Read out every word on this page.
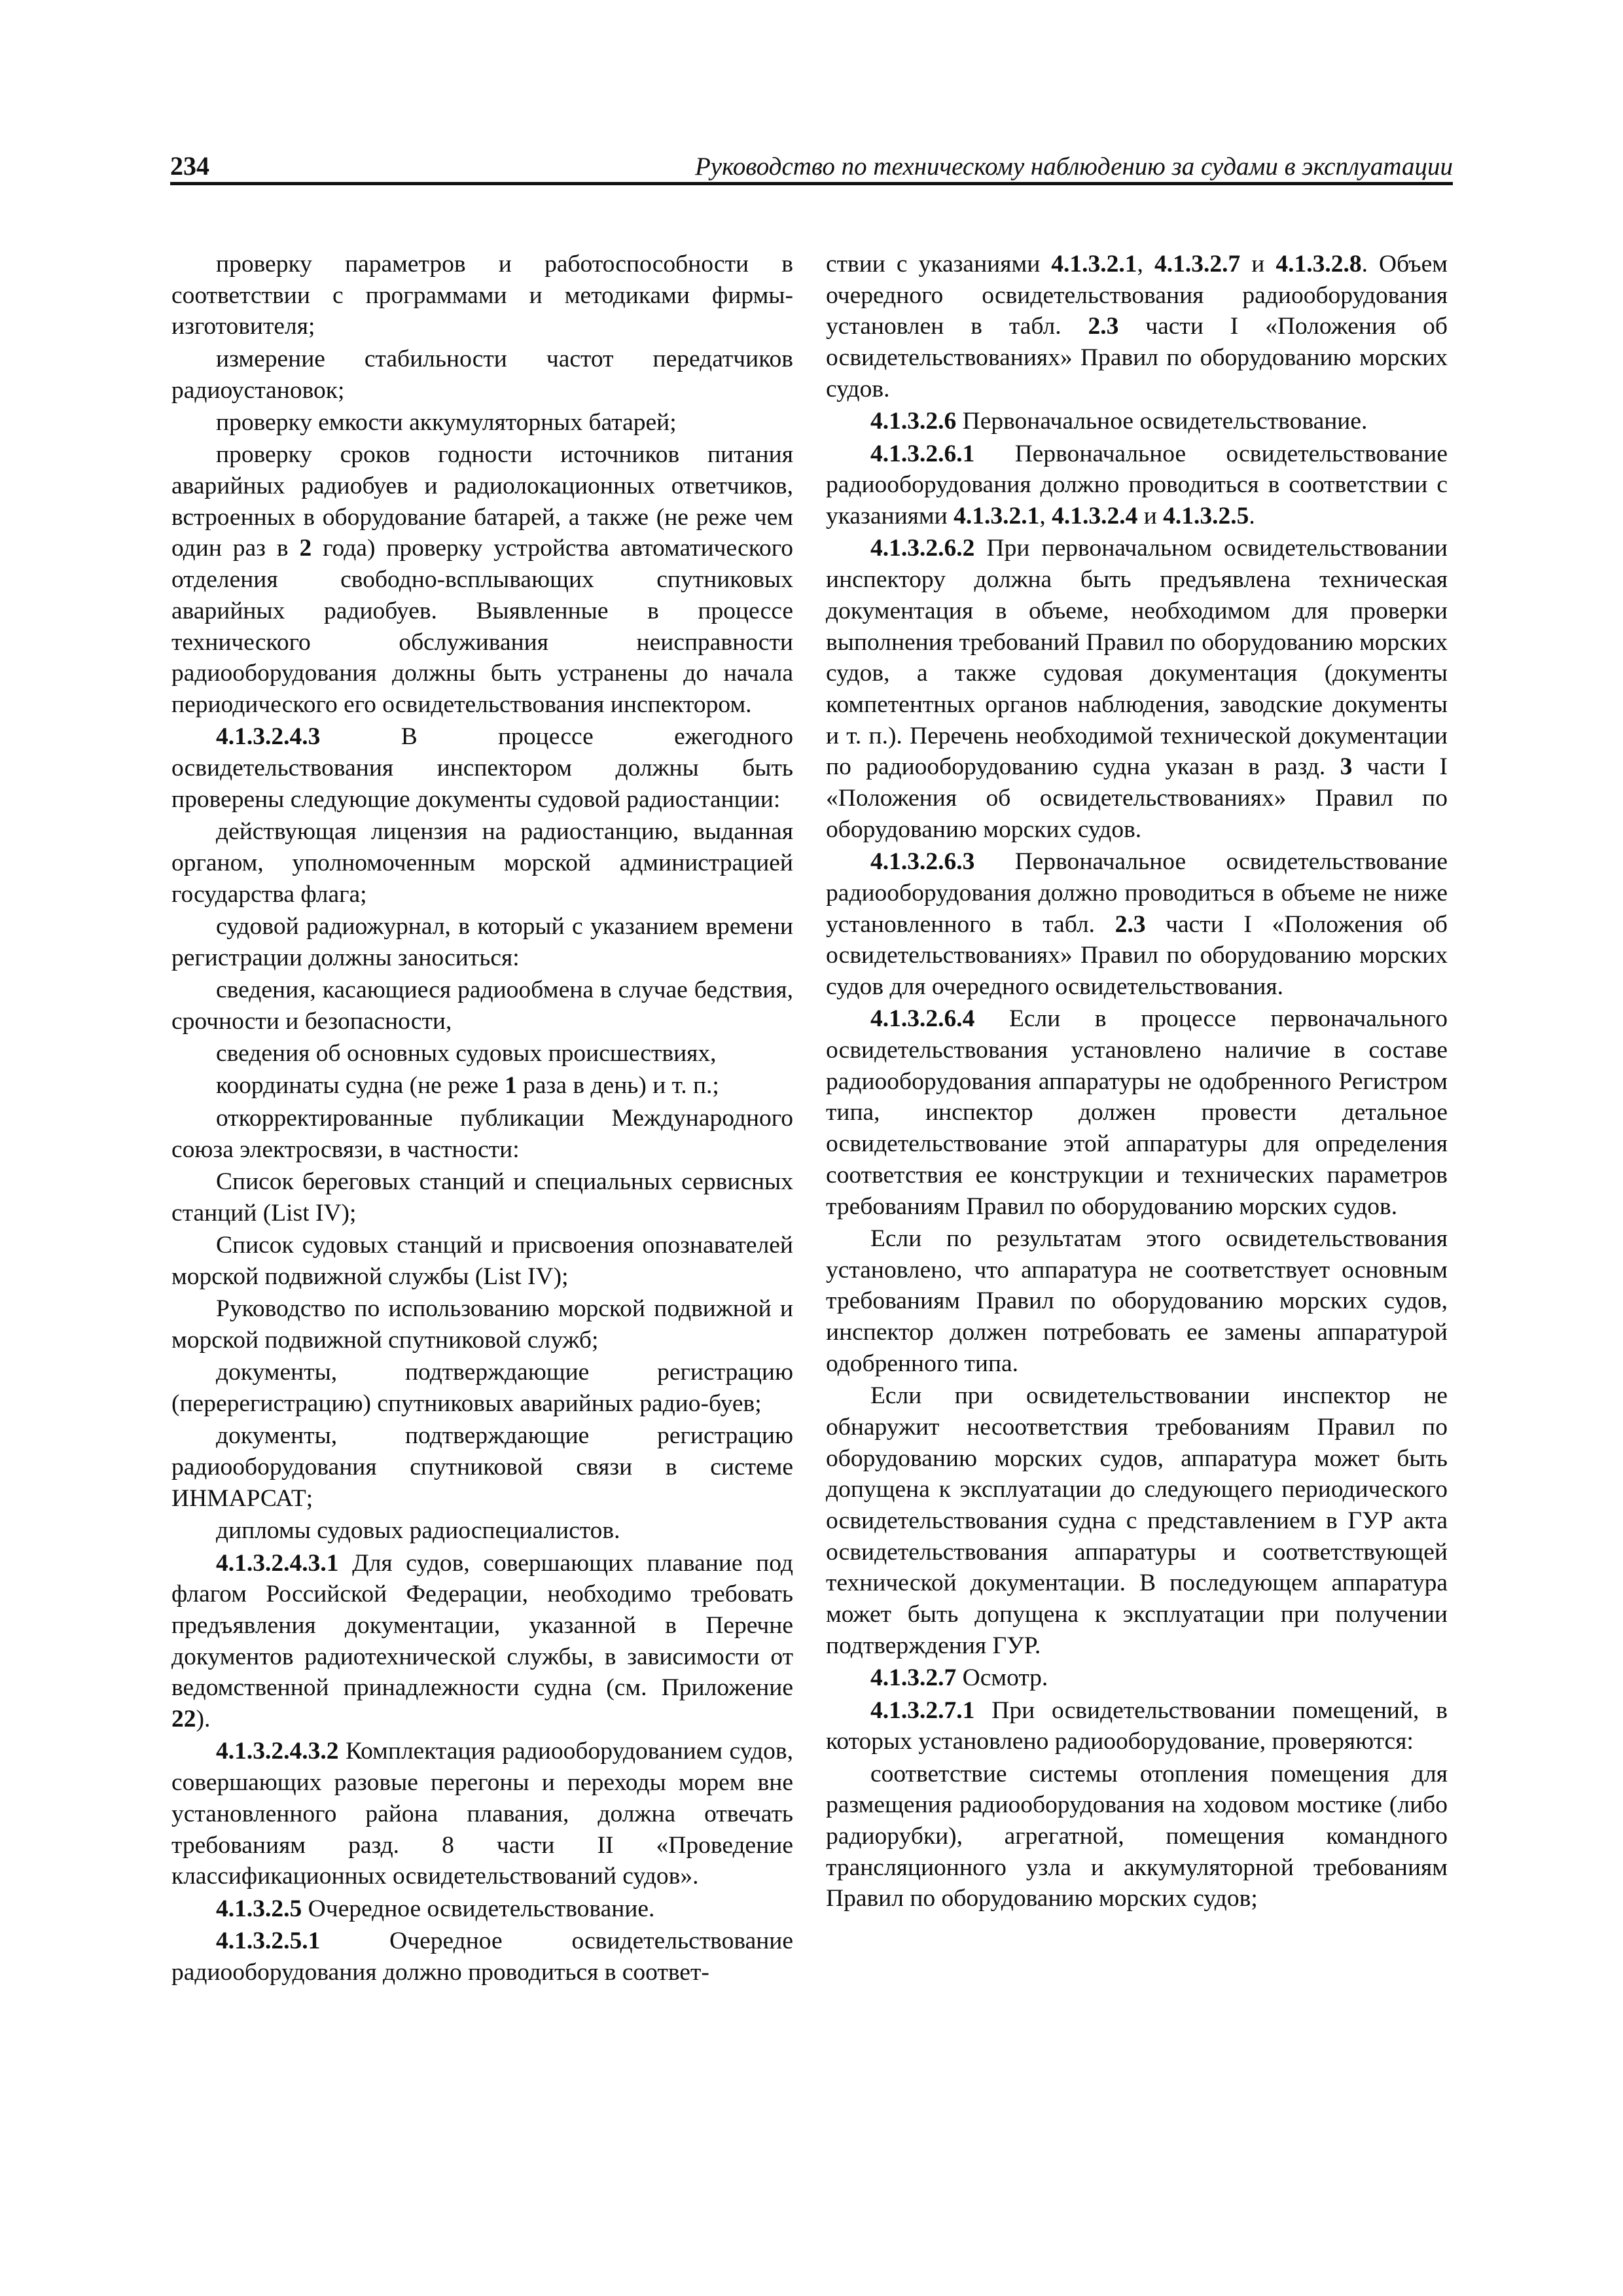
234	Руководство по техническому наблюдению за судами в эксплуатации

проверку параметров и работоспособности в соответствии с программами и методиками фирмы-изготовителя;

измерение стабильности частот передатчиков радиоустановок;

проверку емкости аккумуляторных батарей;

проверку сроков годности источников питания аварийных радиобуев и радиолокационных ответчиков, встроенных в оборудование батарей, а также (не реже чем один раз в 2 года) проверку устройства автоматического отделения свободно-всплывающих спутниковых аварийных радиобуев. Выявленные в процессе технического обслуживания неисправности радиооборудования должны быть устранены до начала периодического его освидетельствования инспектором.

4.1.3.2.4.3 В процессе ежегодного освидетельствования инспектором должны быть проверены следующие документы судовой радиостанции:

действующая лицензия на радиостанцию, выданная органом, уполномоченным морской администрацией государства флага;

судовой радиожурнал, в который с указанием времени регистрации должны заноситься:

сведения, касающиеся радиообмена в случае бедствия, срочности и безопасности,

сведения об основных судовых происшествиях,

координаты судна (не реже 1 раза в день) и т. п.;

откорректированные публикации Международного союза электросвязи, в частности:

Список береговых станций и специальных сервисных станций (List IV);

Список судовых станций и присвоения опознавателей морской подвижной службы (List IV);

Руководство по использованию морской подвижной и морской подвижной спутниковой служб;

документы, подтверждающие регистрацию (перерегистрацию) спутниковых аварийных радио-буев;

документы, подтверждающие регистрацию радиооборудования спутниковой связи в системе ИНМАРСАТ;

дипломы судовых радиоспециалистов.

4.1.3.2.4.3.1 Для судов, совершающих плавание под флагом Российской Федерации, необходимо требовать предъявления документации, указанной в Перечне документов радиотехнической службы, в зависимости от ведомственной принадлежности судна (см. Приложение 22).

4.1.3.2.4.3.2 Комплектация радиооборудованием судов, совершающих разовые перегоны и переходы морем вне установленного района плавания, должна отвечать требованиям разд. 8 части II «Проведение классификационных освидетельствований судов».

4.1.3.2.5 Очередное освидетельствование.

4.1.3.2.5.1 Очередное освидетельствование радиооборудования должно проводиться в соответ-

ствии с указаниями 4.1.3.2.1, 4.1.3.2.7 и 4.1.3.2.8. Объем очередного освидетельствования радиооборудования установлен в табл. 2.3 части I «Положения об освидетельствованиях» Правил по оборудованию морских судов.

4.1.3.2.6 Первоначальное освидетельствование.

4.1.3.2.6.1 Первоначальное освидетельствование радиооборудования должно проводиться в соответствии с указаниями 4.1.3.2.1, 4.1.3.2.4 и 4.1.3.2.5.

4.1.3.2.6.2 При первоначальном освидетельствовании инспектору должна быть предъявлена техническая документация в объеме, необходимом для проверки выполнения требований Правил по оборудованию морских судов, а также судовая документация (документы компетентных органов наблюдения, заводские документы и т. п.). Перечень необходимой технической документации по радиооборудованию судна указан в разд. 3 части I «Положения об освидетельствованиях» Правил по оборудованию морских судов.

4.1.3.2.6.3 Первоначальное освидетельствование радиооборудования должно проводиться в объеме не ниже установленного в табл. 2.3 части I «Положения об освидетельствованиях» Правил по оборудованию морских судов для очередного освидетельствования.

4.1.3.2.6.4 Если в процессе первоначального освидетельствования установлено наличие в составе радиооборудования аппаратуры не одобренного Регистром типа, инспектор должен провести детальное освидетельствование этой аппаратуры для определения соответствия ее конструкции и технических параметров требованиям Правил по оборудованию морских судов.

Если по результатам этого освидетельствования установлено, что аппаратура не соответствует основным требованиям Правил по оборудованию морских судов, инспектор должен потребовать ее замены аппаратурой одобренного типа.

Если при освидетельствовании инспектор не обнаружит несоответствия требованиям Правил по оборудованию морских судов, аппаратура может быть допущена к эксплуатации до следующего периодического освидетельствования судна с представлением в ГУР акта освидетельствования аппаратуры и соответствующей технической документации. В последующем аппаратура может быть допущена к эксплуатации при получении подтверждения ГУР.

4.1.3.2.7 Осмотр.

4.1.3.2.7.1 При освидетельствовании помещений, в которых установлено радиооборудование, проверяются:

соответствие системы отопления помещения для размещения радиооборудования на ходовом мостике (либо радиорубки), агрегатной, помещения командного трансляционного узла и аккумуляторной требованиям Правил по оборудованию морских судов;
